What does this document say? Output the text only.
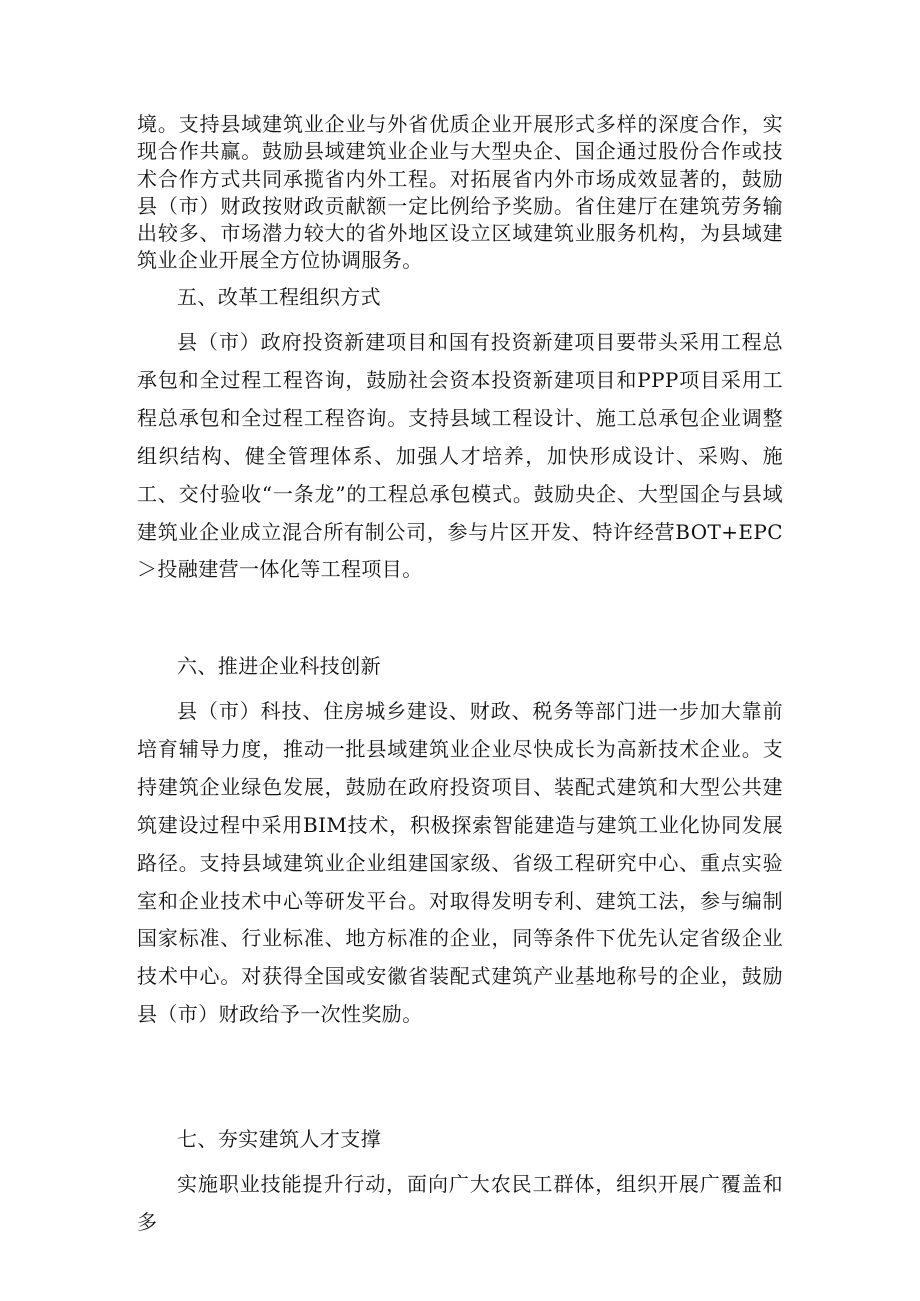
境。支持县域建筑业企业与外省优质企业开展形式多样的深度合作，实现合作共赢。鼓励县域建筑业企业与大型央企、国企通过股份合作或技术合作方式共同承揽省内外工程。对拓展省内外市场成效显著的，鼓励县（市）财政按财政贡献额一定比例给予奖励。省住建厅在建筑劳务输出较多、市场潜力较大的省外地区设立区域建筑业服务机构，为县域建筑业企业开展全方位协调服务。

五、改革工程组织方式

县（市）政府投资新建项目和国有投资新建项目要带头采用工程总承包和全过程工程咨询，鼓励社会资本投资新建项目和PPP项目采用工程总承包和全过程工程咨询。支持县域工程设计、施工总承包企业调整组织结构、健全管理体系、加强人才培养，加快形成设计、采购、施工、交付验收“一条龙”的工程总承包模式。鼓励央企、大型国企与县域建筑业企业成立混合所有制公司，参与片区开发、特许经营BOT+EPC＞投融建营一体化等工程项目。

六、推进企业科技创新

县（市）科技、住房城乡建设、财政、税务等部门进一步加大靠前培育辅导力度，推动一批县域建筑业企业尽快成长为高新技术企业。支持建筑企业绿色发展，鼓励在政府投资项目、装配式建筑和大型公共建筑建设过程中采用BIM技术，积极探索智能建造与建筑工业化协同发展路径。支持县域建筑业企业组建国家级、省级工程研究中心、重点实验室和企业技术中心等研发平台。对取得发明专利、建筑工法，参与编制国家标准、行业标准、地方标准的企业，同等条件下优先认定省级企业技术中心。对获得全国或安徽省装配式建筑产业基地称号的企业，鼓励县（市）财政给予一次性奖励。

七、夯实建筑人才支撑

实施职业技能提升行动，面向广大农民工群体，组织开展广覆盖和多
